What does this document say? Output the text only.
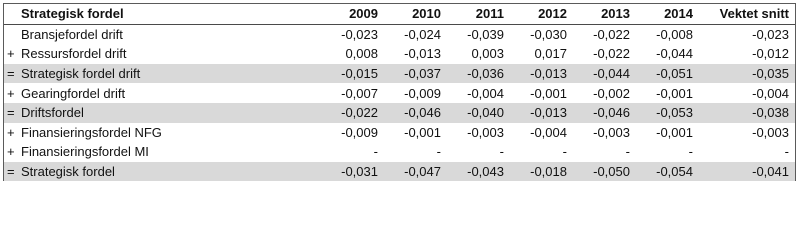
	Strategisk fordel	2009	2010	2011	2012	2013	2014	Vektet snitt
	Bransjefordel drift	-0,023	-0,024	-0,039	-0,030	-0,022	-0,008	-0,023
+	Ressursfordel drift	0,008	-0,013	0,003	0,017	-0,022	-0,044	-0,012
=	Strategisk fordel drift	-0,015	-0,037	-0,036	-0,013	-0,044	-0,051	-0,035
+	Gearingfordel drift	-0,007	-0,009	-0,004	-0,001	-0,002	-0,001	-0,004
=	Driftsfordel	-0,022	-0,046	-0,040	-0,013	-0,046	-0,053	-0,038
+	Finansieringsfordel NFG	-0,009	-0,001	-0,003	-0,004	-0,003	-0,001	-0,003
+	Finansieringsfordel MI	-	-	-	-	-	-	-
=	Strategisk fordel	-0,031	-0,047	-0,043	-0,018	-0,050	-0,054	-0,041
